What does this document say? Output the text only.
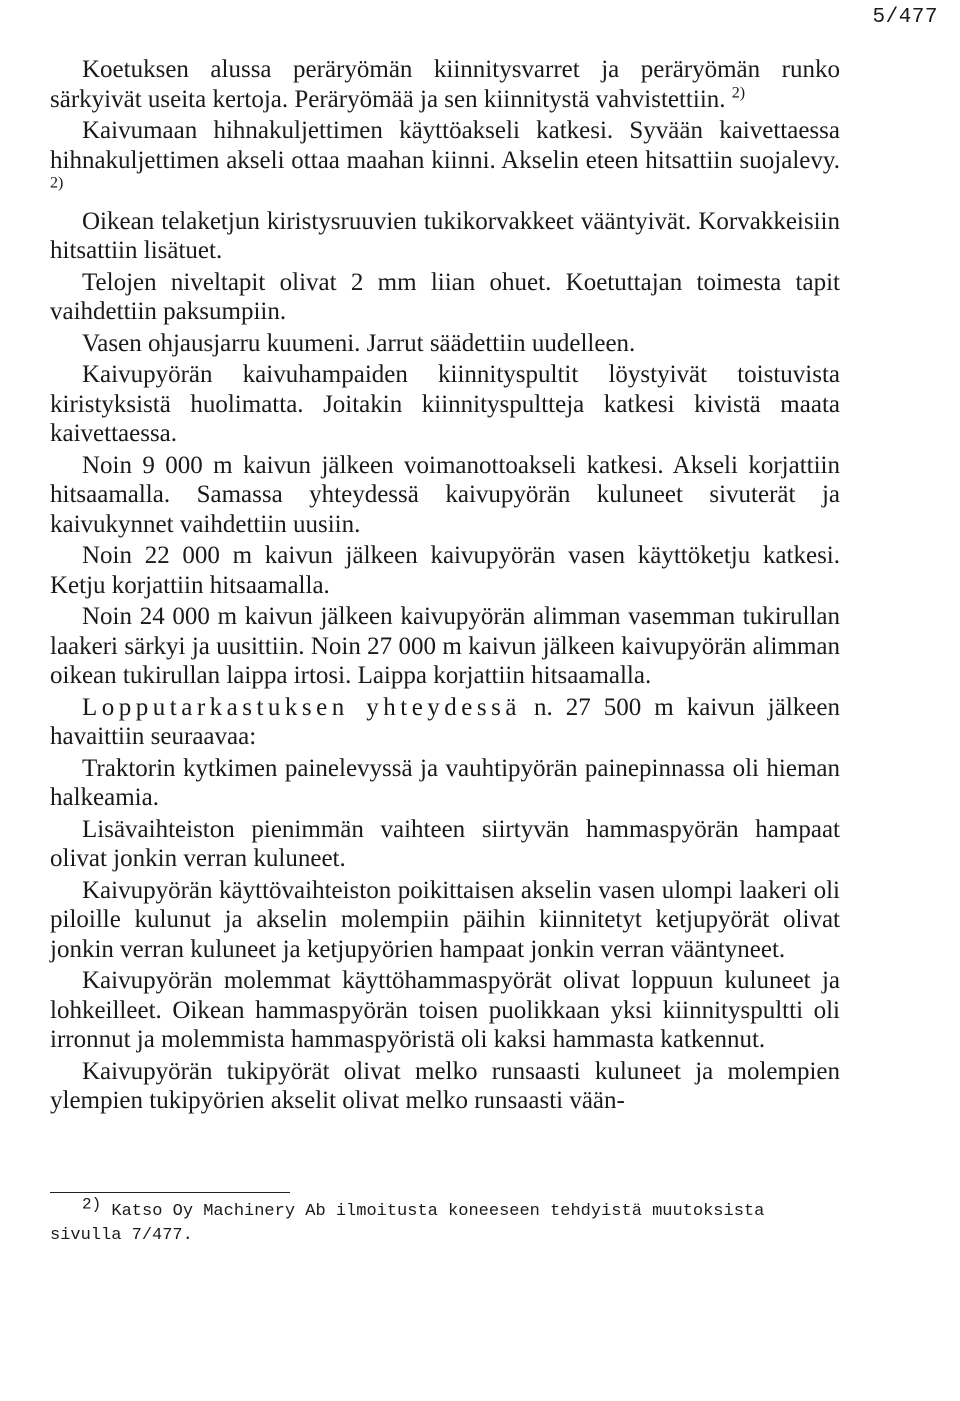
5/477

Koetuksen alussa peräryömän kiinnitysvarret ja peräryömän runko särkyivät useita kertoja. Peräryömää ja sen kiinnitystä vahvistettiin. $^{2)}$

Kaivumaan hihnakuljettimen käyttöakseli katkesi. Syvään kaivettaessa hihnakuljettimen akseli ottaa maahan kiinni. Akselin eteen hitsattiin suojalevy. $^{2)}$

Oikean telaketjun kiristysruuvien tukikorvakkeet vääntyivät. Korvakkeisiin hitsattiin lisätuet.

Telojen niveltapit olivat 2 mm liian ohuet. Koetuttajan toimesta tapit vaihdettiin paksumpiin.

Vasen ohjausjarru kuumeni. Jarrut säädettiin uudelleen.

Kaivupyörän kaivuhampaiden kiinnityspultit löystyivät toistuvista kiristyksistä huolimatta. Joitakin kiinnityspultteja katkesi kivistä maata kaivettaessa.

Noin 9 000 m kaivun jälkeen voimanottoakseli katkesi. Akseli korjattiin hitsaamalla. Samassa yhteydessä kaivupyörän kuluneet sivuterät ja kaivukynnet vaihdettiin uusiin.

Noin 22 000 m kaivun jälkeen kaivupyörän vasen käyttöketju katkesi. Ketju korjattiin hitsaamalla.

Noin 24 000 m kaivun jälkeen kaivupyörän alimman vasemman tukirullan laakeri särkyi ja uusittiin. Noin 27 000 m kaivun jälkeen kaivupyörän alimman oikean tukirullan laippa irtosi. Laippa korjattiin hitsaamalla.

Lopputarkastuksen yhteydessä n. 27 500 m kaivun jälkeen havaittiin seuraavaa:

Traktorin kytkimen painelevyssä ja vauhtipyörän painepinnassa oli hieman halkeamia.

Lisävaihteiston pienimmän vaihteen siirtyvän hammaspyörän hampaat olivat jonkin verran kuluneet.

Kaivupyörän käyttövaihteiston poikittaisen akselin vasen ulompi laakeri oli piloille kulunut ja akselin molempiin päihin kiinnitetyt ketjupyörät olivat jonkin verran kuluneet ja ketjupyörien hampaat jonkin verran vääntyneet.

Kaivupyörän molemmat käyttöhammaspyörät olivat loppuun kuluneet ja lohkeilleet. Oikean hammaspyörän toisen puolikkaan yksi kiinnityspultti oli irronnut ja molemmista hammaspyöristä oli kaksi hammasta katkennut.

Kaivupyörän tukipyörät olivat melko runsaasti kuluneet ja molempien ylempien tukipyörien akselit olivat melko runsaasti vään-

$^{2)}$ Katso Oy Machinery Ab ilmoitusta koneeseen tehdyistä muutoksista sivulla 7/477.
